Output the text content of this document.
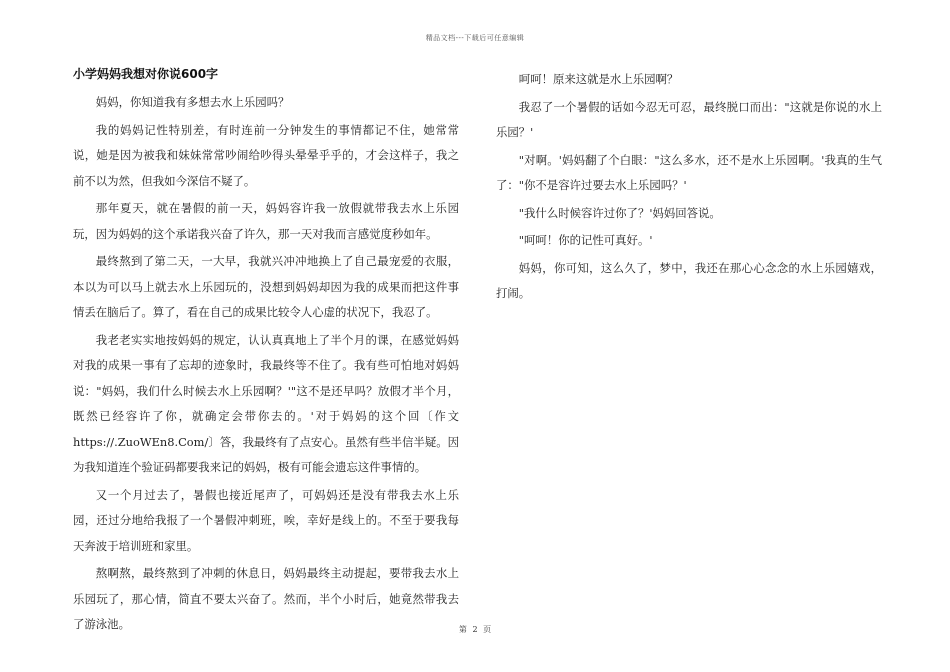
精品文档---下载后可任意编辑
小学妈妈我想对你说600字

妈妈，你知道我有多想去水上乐园吗？

我的妈妈记性特别差，有时连前一分钟发生的事情都记不住，她常常说，她是因为被我和妹妹常常吵闹给吵得头晕晕乎乎的，才会这样子，我之前不以为然，但我如今深信不疑了。

那年夏天，就在暑假的前一天，妈妈容许我一放假就带我去水上乐园玩，因为妈妈的这个承诺我兴奋了许久，那一天对我而言感觉度秒如年。

最终熬到了第二天，一大早，我就兴冲冲地换上了自己最宠爱的衣服，本以为可以马上就去水上乐园玩的，没想到妈妈却因为我的成果而把这件事情丢在脑后了。算了，看在自己的成果比较令人心虚的状况下，我忍了。

我老老实实地按妈妈的规定，认认真真地上了半个月的课，在感觉妈妈对我的成果一事有了忘却的迹象时，我最终等不住了。我有些可怕地对妈妈说："妈妈，我们什么时候去水上乐园啊？'"这不是还早吗？放假才半个月，既然已经容许了你，就确定会带你去的。'对于妈妈的这个回〔作文https://.ZuoWEn8.Com/〕答，我最终有了点安心。虽然有些半信半疑。因为我知道连个验证码都要我来记的妈妈，极有可能会遗忘这件事情的。

又一个月过去了，暑假也接近尾声了，可妈妈还是没有带我去水上乐园，还过分地给我报了一个暑假冲刺班，唉，幸好是线上的。不至于要我每天奔波于培训班和家里。

熬啊熬，最终熬到了冲刺的休息日，妈妈最终主动提起，要带我去水上乐园玩了，那心情，简直不要太兴奋了。然而，半个小时后，她竟然带我去了游泳池。

呵呵！原来这就是水上乐园啊？

我忍了一个暑假的话如今忍无可忍，最终脱口而出："这就是你说的水上乐园？'

"对啊。'妈妈翻了个白眼："这么多水，还不是水上乐园啊。'我真的生气了："你不是容许过要去水上乐园吗？'

"我什么时候容许过你了？'妈妈回答说。

"呵呵！你的记性可真好。'

妈妈，你可知，这么久了，梦中，我还在那心心念念的水上乐园嬉戏，打闹。

第 2 页
